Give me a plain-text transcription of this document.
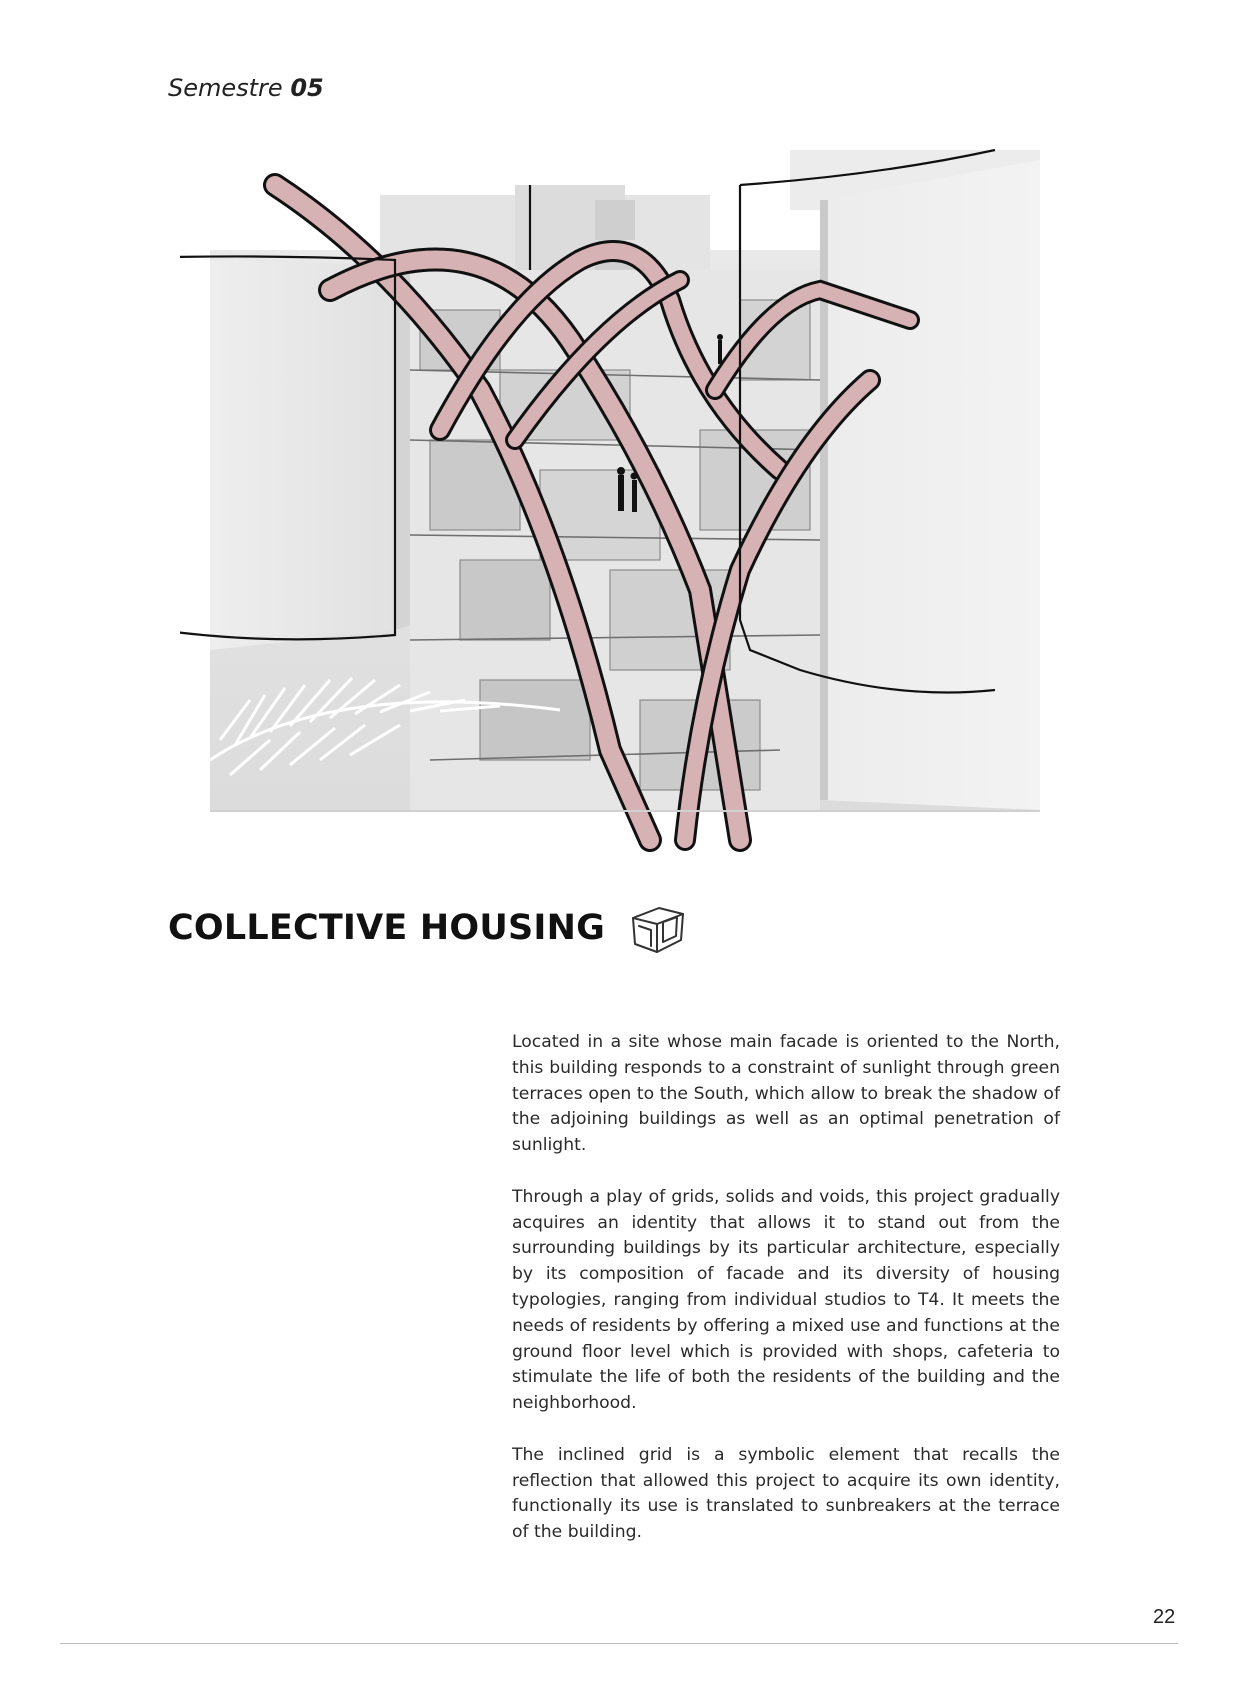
Semestre 05
COLLECTIVE HOUSING

Located in a site whose main facade is oriented to the North, this building responds to a constraint of sunlight through green terraces open to the South, which allow to break the shadow of the adjoining buildings as well as an optimal penetration of sunlight.

Through a play of grids, solids and voids, this project gradually acquires an identity that allows it to stand out from the surrounding buildings by its particular architecture, especially by its composition of facade and its diversity of housing typologies, ranging from individual studios to T4. It meets the needs of residents by offering a mixed use and functions at the ground floor level which is provided with shops, cafeteria to stimulate the life of both the residents of the building and the neighborhood.

The inclined grid is a symbolic element that recalls the reflection that allowed this project to acquire its own identity, functionally its use is translated to sunbreakers at the terrace of the building.

22
